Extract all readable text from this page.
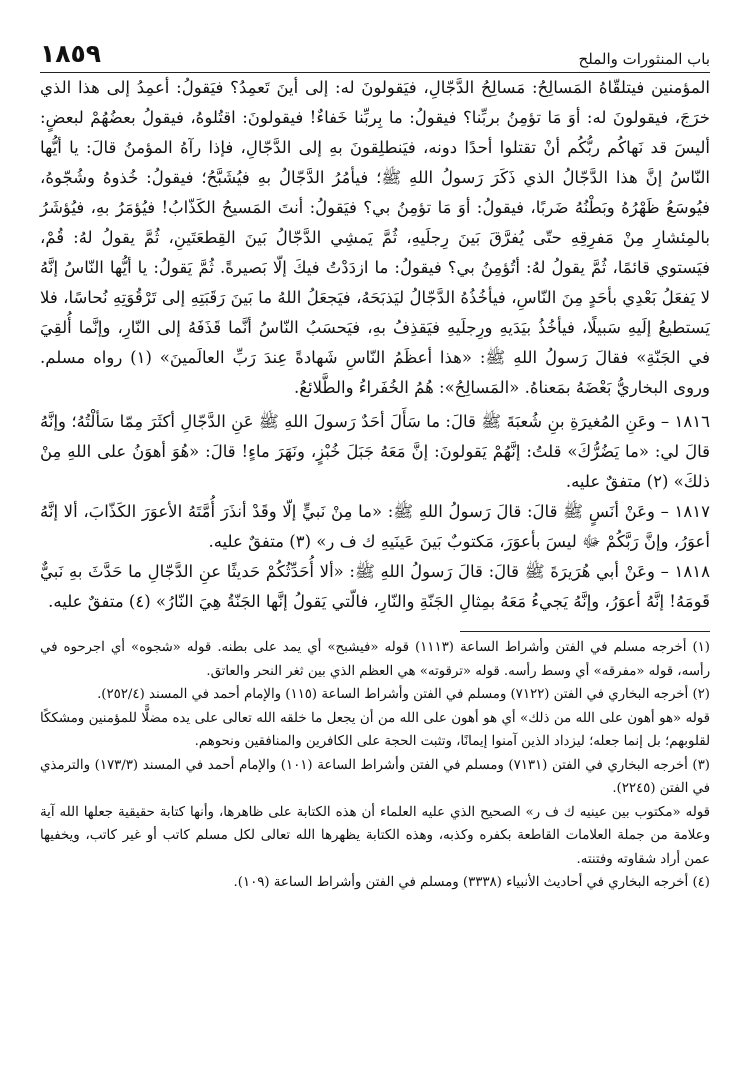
باب المنثورات والملح
١٨٥٩

المؤمنين فيتلقّاهُ المَسالِحُ: مَسالِحُ الدَّجّالِ، فيَقولونَ له: إلى أينَ تَعمِدُ؟ فيَقولُ: أعمِدُ إلى هذا الذي خرَجَ، فيقولونَ له: أوَ مَا تؤمِنُ بربِّنا؟ فيقولُ: ما بِربِّنا خَفاءٌ! فيقولونَ: اقتُلوهُ، فيقولُ بعضُهُمْ لبعضٍ: أليسَ قد نَهاكُم ربُّكُم أنْ تقتلوا أحدًا دونه، فيَنطلِقونَ بهِ إلى الدَّجّالِ، فإذا رآهُ المؤمنُ قالَ: يا أيُّها النّاسُ إنَّ هذا الدَّجّالُ الذي ذَكَرَ رَسولُ اللهِ ﷺ؛ فيأمُرُ الدَّجّالُ بهِ فيُشَبَّحُ؛ فيقولُ: خُذوهُ وشُجّوهُ، فيُوسَعُ ظَهْرُهُ وبَطْنُهُ ضَربًا، فيقولُ: أوَ مَا تؤمِنُ بي؟ فيَقولُ: أنتَ المَسيحُ الكَذّابُ! فيُؤمَرُ بهِ، فيُؤشَرُ بالمِئشارِ مِنْ مَفرِقِهِ حتّى يُفرَّقَ بَينَ رِجلَيهِ، ثُمَّ يَمشِي الدَّجّالُ بَينَ القِطعَتَينِ، ثُمَّ يقولُ لهُ: قُمْ، فيَستوي قائمًا، ثُمَّ يقولُ لهُ: أتُؤمِنُ بي؟ فيقولُ: ما ازدَدْتُ فيكَ إلّا بَصيرةً. ثُمَّ يَقولُ: يا أيُّها النّاسُ إنَّهُ لا يَفعَلُ بَعْدِي بأحَدٍ مِنَ النّاسِ، فيأخُذُهُ الدَّجّالُ ليَذبَحَهُ، فيَجعَلُ اللهُ ما بَينَ رَقَبَتِهِ إلى تَرْقُوَتِهِ نُحاسًا، فلا يَستطيعُ إلَيهِ سَبيلًا، فيأخُذُ بيَدَيهِ ورِجلَيهِ فيَقذِفُ بهِ، فيَحسَبُ النّاسُ أنَّما قَذَفَهُ إلى النّارِ، وإنَّما أُلقِيَ في الجَنّةِ» فقالَ رَسولُ اللهِ ﷺ: «هذا أعظَمُ النّاسِ شَهادةً عِندَ رَبِّ العالَمينَ» (١) رواه مسلم. وروى البخاريُّ بَعْضَهُ بمَعناهُ. «المَسالِحُ»: هُمُ الخُفَراءُ والطَّلائعُ.

١٨١٦ – وعَنِ المُغيرَةِ بنِ شُعبَةَ ﷺ قالَ: ما سَأَلَ أحَدٌ رَسولَ اللهِ ﷺ عَنِ الدَّجّالِ أكثَرَ مِمّا سَألْتُهُ؛ وإنَّهُ قالَ لي: «ما يَضُرُّكَ» قلتُ: إنَّهُمْ يَقولونَ: إنَّ مَعَهُ جَبَلَ خُبْزٍ، ونَهَرَ ماءٍ! قالَ: «هُوَ أهوَنُ على اللهِ مِنْ ذلكَ» (٢) متفقٌ عليه.

١٨١٧ – وعَنْ أنَسٍ ﷺ قالَ: قالَ رَسولُ اللهِ ﷺ: «ما مِنْ نَبيٍّ إلّا وقَدْ أنذَرَ أُمَّتَهُ الأعوَرَ الكَذّابَ، ألا إنَّهُ أعوَرُ، وإنَّ رَبَّكُمْ ﷻ ليسَ بأعوَرَ، مَكتوبٌ بَينَ عَينَيهِ ك ف ر» (٣) متفقٌ عليه.

١٨١٨ – وعَنْ أبي هُرَيرَةَ ﷺ قالَ: قالَ رَسولُ اللهِ ﷺ: «ألا أُحَدِّثُكُمْ حَديثًا عنِ الدَّجّالِ ما حَدَّثَ بهِ نَبيٌّ قَومَهُ! إنَّهُ أعوَرُ، وإنَّهُ يَجيءُ مَعَهُ بمِثالِ الجَنّةِ والنّارِ، فالّتي يَقولُ إنَّها الجَنّةُ هِيَ النّارُ» (٤) متفقٌ عليه.

(١) أخرجه مسلم في الفتن وأشراط الساعة (١١١٣) قوله «فيشبح» أي يمد على بطنه. قوله «شجوه» أي اجرحوه في رأسه، قوله «مفرقه» أي وسط رأسه. قوله «ترقوته» هي العظم الذي بين ثغر النحر والعاتق.

(٢) أخرجه البخاري في الفتن (٧١٢٢) ومسلم في الفتن وأشراط الساعة (١١٥) والإمام أحمد في المسند (٢٥٢/٤).

قوله «هو أهون على الله من ذلك» أي هو أهون على الله من أن يجعل ما خلقه الله تعالى على يده مضلًّا للمؤمنين ومشككًا لقلوبهم؛ بل إنما جعله؛ ليزداد الذين آمنوا إيمانًا، وتثبت الحجة على الكافرين والمنافقين ونحوهم.

(٣) أخرجه البخاري في الفتن (٧١٣١) ومسلم في الفتن وأشراط الساعة (١٠١) والإمام أحمد في المسند (١٧٣/٣) والترمذي في الفتن (٢٢٤٥).

قوله «مكتوب بين عينيه ك ف ر» الصحيح الذي عليه العلماء أن هذه الكتابة على ظاهرها، وأنها كتابة حقيقية جعلها الله آية وعلامة من جملة العلامات القاطعة بكفره وكذبه، وهذه الكتابة يظهرها الله تعالى لكل مسلم كاتب أو غير كاتب، ويخفيها عمن أراد شقاوته وفتنته.

(٤) أخرجه البخاري في أحاديث الأنبياء (٣٣٣٨) ومسلم في الفتن وأشراط الساعة (١٠٩).
